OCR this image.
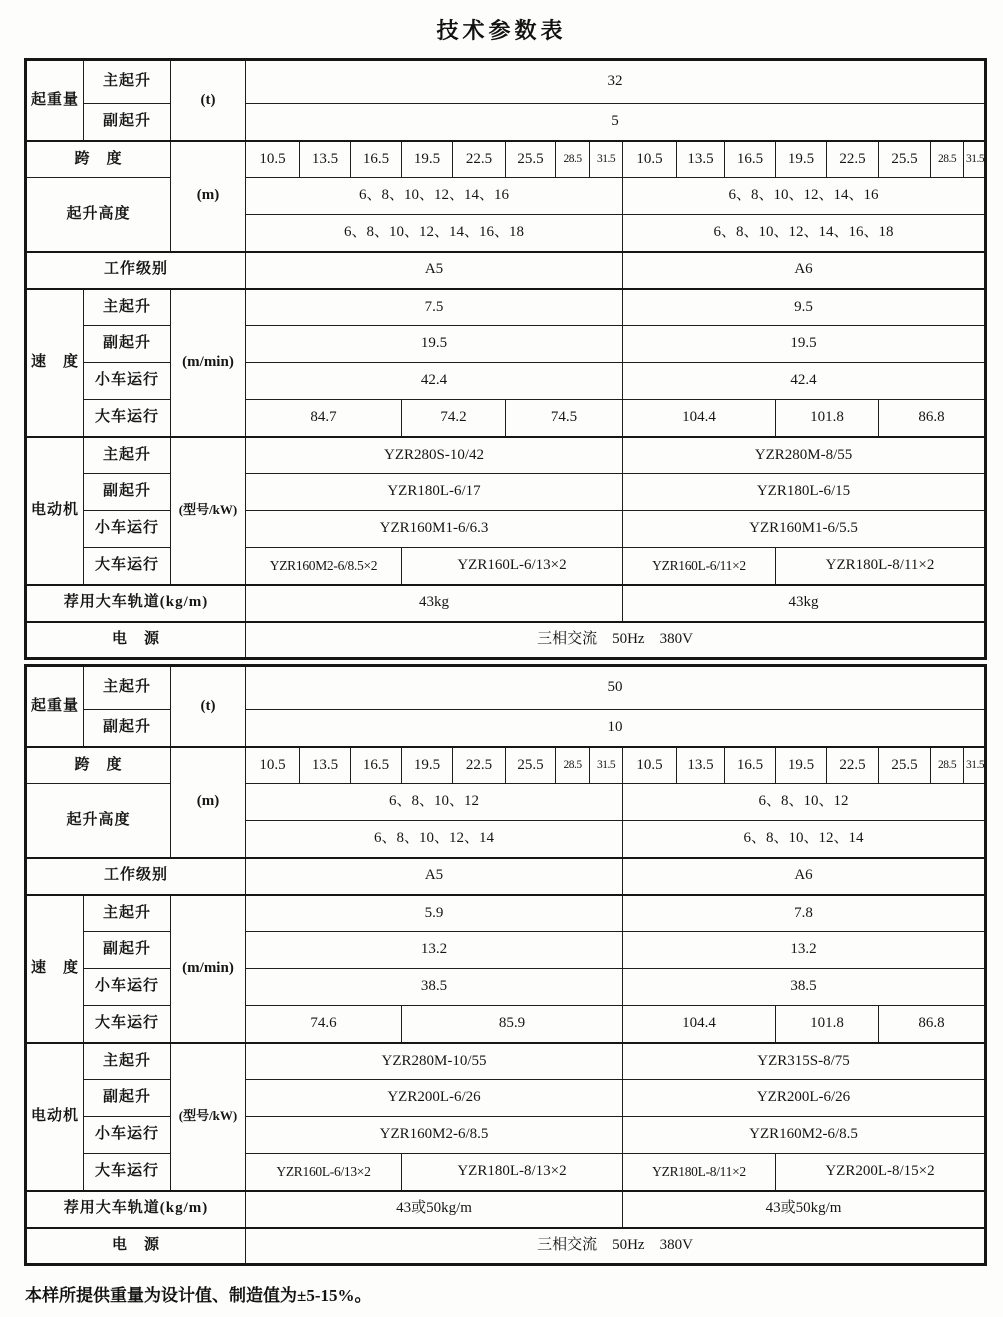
技术参数表
起重量	主起升	(t)	32															
	副起升		5															
跨　度		(m)	10.5	13.5	16.5	19.5	22.5	25.5	28.5	31.5	10.5	13.5	16.5	19.5	22.5	25.5	28.5	31.5
起升高度			6、8、10、12、14、16								6、8、10、12、14、16							
			6、8、10、12、14、16、18								6、8、10、12、14、16、18							
工作级别			A5								A6							
速　度	主起升	(m/min)	7.5								9.5							
	副起升		19.5								19.5							
	小车运行		42.4								42.4							
	大车运行		84.7			74.2		74.5			104.4			101.8		86.8		
电动机	主起升	(型号/kW)	YZR280S-10/42								YZR280M-8/55							
	副起升		YZR180L-6/17								YZR180L-6/15							
	小车运行		YZR160M1-6/6.3								YZR160M1-6/5.5							
	大车运行		YZR160M2-6/8.5×2			YZR160L-6/13×2					YZR160L-6/11×2			YZR180L-8/11×2				
荐用大车轨道(kg/m)			43kg								43kg							
电　源			三相交流　50Hz　380V															
起重量	主起升	(t)	50															
	副起升		10															
跨　度		(m)	10.5	13.5	16.5	19.5	22.5	25.5	28.5	31.5	10.5	13.5	16.5	19.5	22.5	25.5	28.5	31.5
起升高度			6、8、10、12								6、8、10、12							
			6、8、10、12、14								6、8、10、12、14							
工作级别			A5								A6							
速　度	主起升	(m/min)	5.9								7.8							
	副起升		13.2								13.2							
	小车运行		38.5								38.5							
	大车运行		74.6			85.9					104.4			101.8		86.8		
电动机	主起升	(型号/kW)	YZR280M-10/55								YZR315S-8/75							
	副起升		YZR200L-6/26								YZR200L-6/26							
	小车运行		YZR160M2-6/8.5								YZR160M2-6/8.5							
	大车运行		YZR160L-6/13×2			YZR180L-8/13×2					YZR180L-8/11×2			YZR200L-8/15×2				
荐用大车轨道(kg/m)			43或50kg/m								43或50kg/m							
电　源			三相交流　50Hz　380V															

本样所提供重量为设计值、制造值为±5-15%。
